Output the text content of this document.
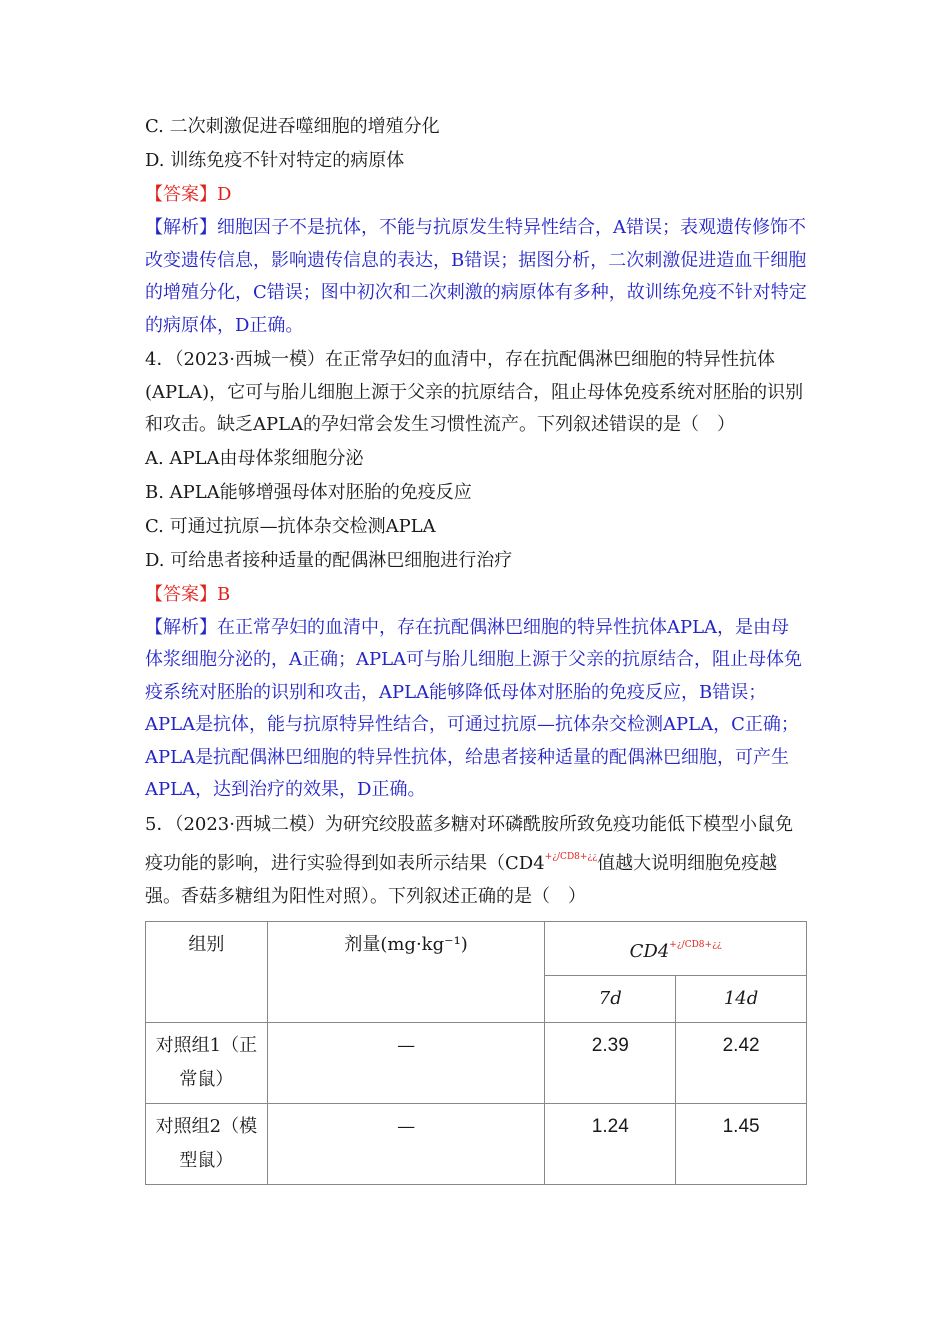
C. 二次刺激促进吞噬细胞的增殖分化
D. 训练免疫不针对特定的病原体
【答案】D
【解析】细胞因子不是抗体，不能与抗原发生特异性结合，A错误；表观遗传修饰不改变遗传信息，影响遗传信息的表达，B错误；据图分析，二次刺激促进造血干细胞的增殖分化，C错误；图中初次和二次刺激的病原体有多种，故训练免疫不针对特定的病原体，D正确。
4．（2023·西城一模）在正常孕妇的血清中，存在抗配偶淋巴细胞的特异性抗体(APLA)，它可与胎儿细胞上源于父亲的抗原结合，阻止母体免疫系统对胚胎的识别和攻击。缺乏APLA的孕妇常会发生习惯性流产。下列叙述错误的是（　）
A. APLA由母体浆细胞分泌
B. APLA能够增强母体对胚胎的免疫反应
C. 可通过抗原—抗体杂交检测APLA
D. 可给患者接种适量的配偶淋巴细胞进行治疗
【答案】B
【解析】在正常孕妇的血清中，存在抗配偶淋巴细胞的特异性抗体APLA，是由母体浆细胞分泌的，A正确；APLA可与胎儿细胞上源于父亲的抗原结合，阻止母体免疫系统对胚胎的识别和攻击，APLA能够降低母体对胚胎的免疫反应，B错误；APLA是抗体，能与抗原特异性结合，可通过抗原—抗体杂交检测APLA，C正确；APLA是抗配偶淋巴细胞的特异性抗体，给患者接种适量的配偶淋巴细胞，可产生APLA，达到治疗的效果，D正确。
5．（2023·西城二模）为研究绞股蓝多糖对环磷酰胺所致免疫功能低下模型小鼠免疫功能的影响，进行实验得到如表所示结果（$CD4^{+¿/CD8+¿¿}$值越大说明细胞免疫越强。香菇多糖组为阳性对照）。下列叙述正确的是（　）
组别	剂量(mg·kg⁻¹)	$CD4^{+¿/CD8+¿¿}$
		7d	14d
对照组1（正常鼠）	—	2.39	2.42
对照组2（模型鼠）	—	1.24	1.45
